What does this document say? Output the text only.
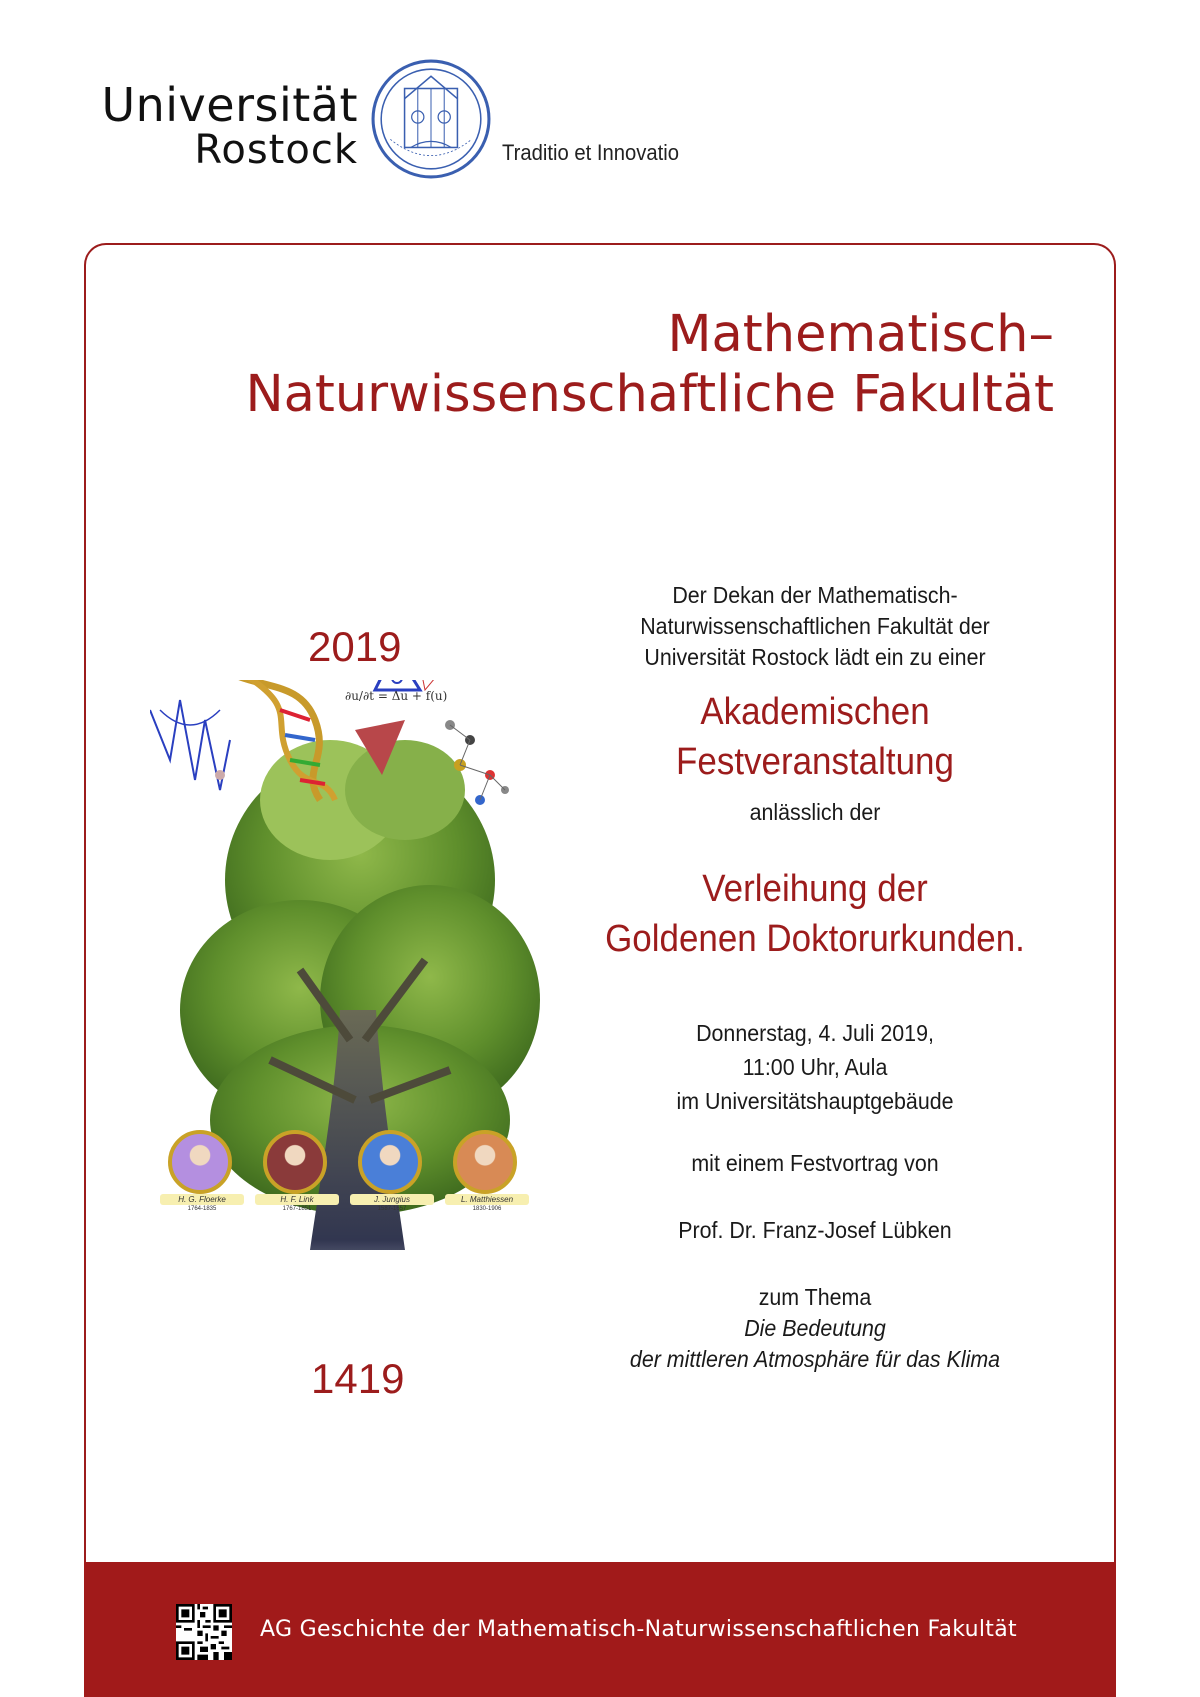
Universität
Rostock	Traditio et Innovatio
Mathematisch–
Naturwissenschaftliche Fakultät
2019
∂u/∂t = Δu + f(u)
H. G. Floerke
1764-1835
H. F. Link
1767-1851
J. Jungius
1587-1657
L. Matthiessen
1830-1906
1419
Der Dekan der Mathematisch-
Naturwissenschaftlichen Fakultät der
Universität Rostock lädt ein zu einer
Akademischen
Festveranstaltung
anlässlich der
Verleihung der
Goldenen Doktorurkunden.
Donnerstag, 4. Juli 2019,
11:00 Uhr, Aula
im Universitätshauptgebäude
mit einem Festvortrag von
Prof. Dr. Franz-Josef Lübken
zum Thema
Die Bedeutung
der mittleren Atmosphäre für das Klima
AG Geschichte der Mathematisch-Naturwissenschaftlichen Fakultät
